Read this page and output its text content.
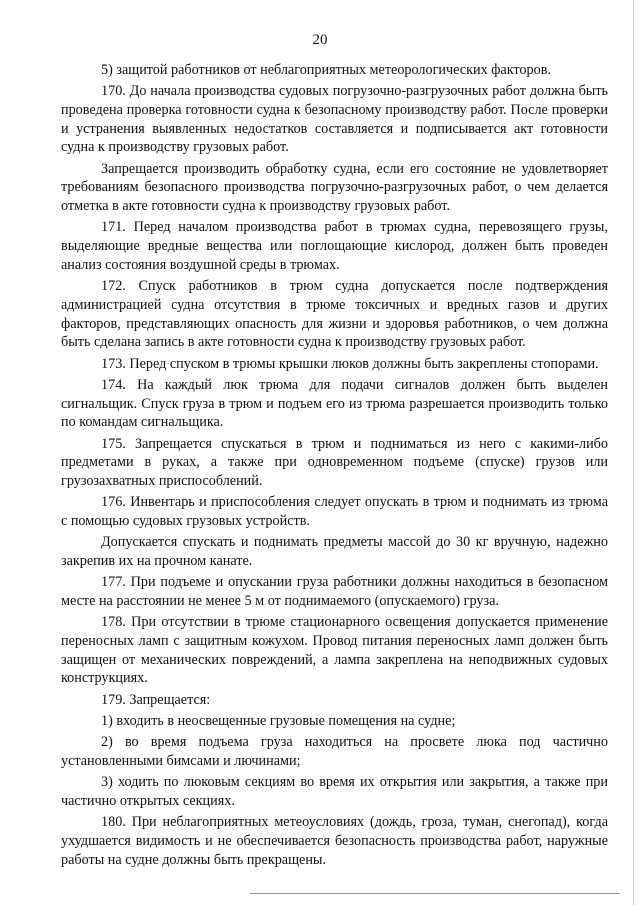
20

5) защитой работников от неблагоприятных метеорологических факторов.

170. До начала производства судовых погрузочно-разгрузочных работ должна быть проведена проверка готовности судна к безопасному производству работ. После проверки и устранения выявленных недостатков составляется и подписывается акт готовности судна к производству грузовых работ.

Запрещается производить обработку судна, если его состояние не удовлетворяет требованиям безопасного производства погрузочно-разгрузочных работ, о чем делается отметка в акте готовности судна к производству грузовых работ.

171. Перед началом производства работ в трюмах судна, перевозящего грузы, выделяющие вредные вещества или поглощающие кислород, должен быть проведен анализ состояния воздушной среды в трюмах.

172. Спуск работников в трюм судна допускается после подтверждения администрацией судна отсутствия в трюме токсичных и вредных газов и других факторов, представляющих опасность для жизни и здоровья работников, о чем должна быть сделана запись в акте готовности судна к производству грузовых работ.

173. Перед спуском в трюмы крышки люков должны быть закреплены стопорами.

174. На каждый люк трюма для подачи сигналов должен быть выделен сигнальщик. Спуск груза в трюм и подъем его из трюма разрешается производить только по командам сигнальщика.

175. Запрещается спускаться в трюм и подниматься из него с какими-либо предметами в руках, а также при одновременном подъеме (спуске) грузов или грузозахватных приспособлений.

176. Инвентарь и приспособления следует опускать в трюм и поднимать из трюма с помощью судовых грузовых устройств.

Допускается спускать и поднимать предметы массой до 30 кг вручную, надежно закрепив их на прочном канате.

177. При подъеме и опускании груза работники должны находиться в безопасном месте на расстоянии не менее 5 м от поднимаемого (опускаемого) груза.

178. При отсутствии в трюме стационарного освещения допускается применение переносных ламп с защитным кожухом. Провод питания переносных ламп должен быть защищен от механических повреждений, а лампа закреплена на неподвижных судовых конструкциях.

179. Запрещается:

1) входить в неосвещенные грузовые помещения на судне;

2) во время подъема груза находиться на просвете люка под частично установленными бимсами и лючинами;

3) ходить по люковым секциям во время их открытия или закрытия, а также при частично открытых секциях.

180. При неблагоприятных метеоусловиях (дождь, гроза, туман, снегопад), когда ухудшается видимость и не обеспечивается безопасность производства работ, наружные работы на судне должны быть прекращены.
